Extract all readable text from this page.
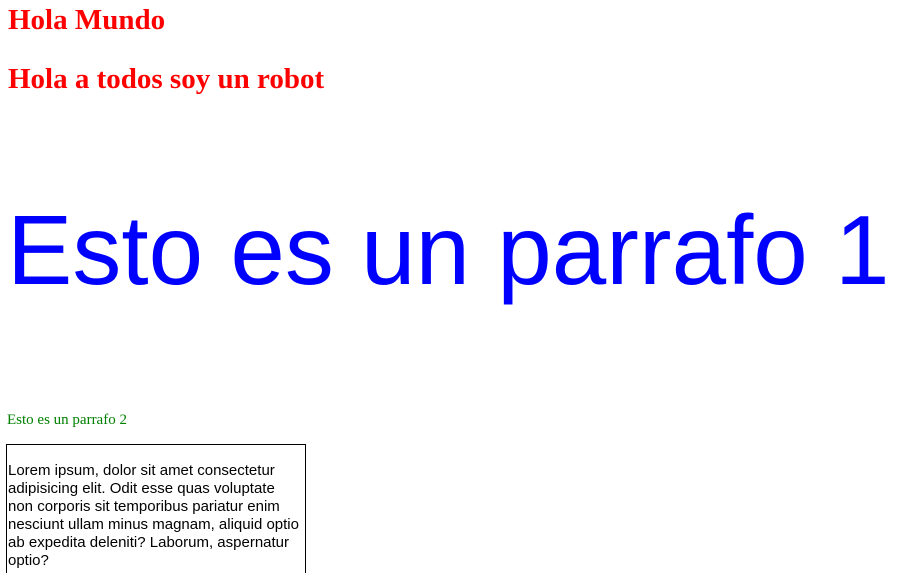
Hola Mundo
Hola a todos soy un robot

Esto es un parrafo 1

Esto es un parrafo 2

Lorem ipsum, dolor sit amet consectetur adipisicing elit. Odit esse quas voluptate non corporis sit temporibus pariatur enim nesciunt ullam minus magnam, aliquid optio ab expedita deleniti? Laborum, aspernatur optio?
